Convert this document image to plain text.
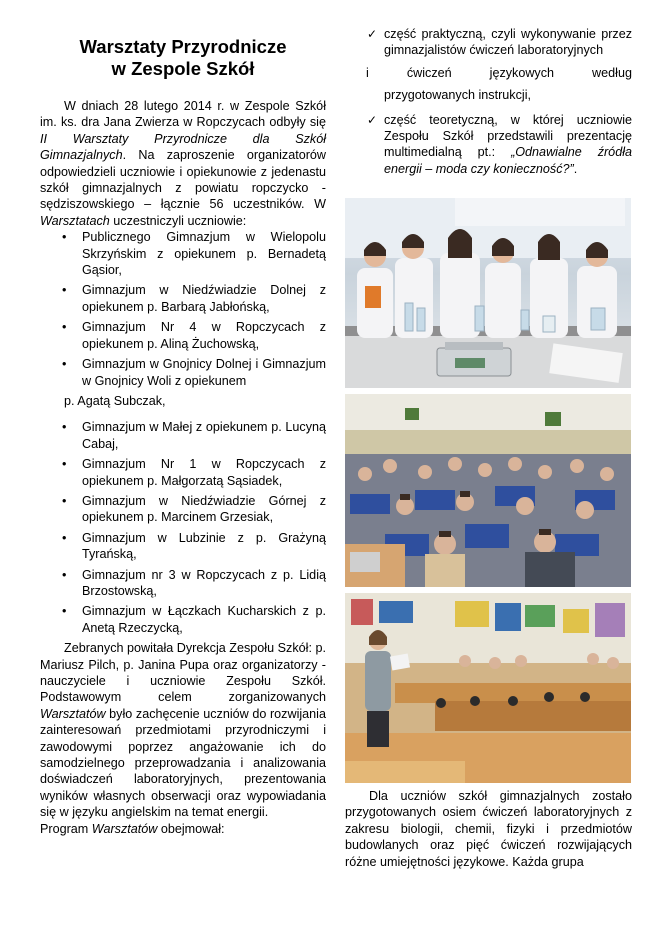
Warsztaty Przyrodnicze
w Zespole Szkół

W dniach 28 lutego 2014 r. w Zespole Szkół im. ks. dra Jana Zwierza w Ropczycach odbyły się II Warsztaty Przyrodnicze dla Szkół Gimnazjalnych. Na zaproszenie organizatorów odpowiedzieli uczniowie i opiekunowie z jedenastu szkół gimnazjalnych z powiatu ropczycko - sędziszowskiego – łącznie 56 uczestników. W Warsztatach uczestniczyli uczniowie:

• Publicznego Gimnazjum w Wielopolu Skrzyńskim z opiekunem p. Bernadetą Gąsior,
• Gimnazjum w Niedźwiadzie Dolnej z opiekunem p. Barbarą Jabłońską,
• Gimnazjum Nr 4 w Ropczycach z opiekunem p. Aliną Żuchowską,
• Gimnazjum w Gnojnicy Dolnej i Gimnazjum w Gnojnicy Woli z opiekunem

p. Agatą Subczak,

• Gimnazjum w Małej z opiekunem p. Lucyną Cabaj,
• Gimnazjum Nr 1 w Ropczycach z opiekunem p. Małgorzatą Sąsiadek,
• Gimnazjum w Niedźwiadzie Górnej z opiekunem p. Marcinem Grzesiak,
• Gimnazjum w Lubzinie z p. Grażyną Tyrańską,
• Gimnazjum nr 3 w Ropczycach z p. Lidią Brzostowską,
• Gimnazjum w Łączkach Kucharskich z p. Anetą Rzeczycką,

Zebranych powitała Dyrekcja Zespołu Szkół: p. Mariusz Pilch, p. Janina Pupa oraz organizatorzy - nauczyciele i uczniowie Zespołu Szkół. Podstawowym celem zorganizowanych Warsztatów było zachęcenie uczniów do rozwijania zainteresowań przedmiotami przyrodniczymi i zawodowymi poprzez angażowanie ich do samodzielnego przeprowadzania i analizowania doświadczeń laboratoryjnych, prezentowania wyników własnych obserwacji oraz wypowiadania się w języku angielskim na temat energii.

Program Warsztatów obejmował:

✓ część praktyczną, czyli wykonywanie przez gimnazjalistów ćwiczeń laboratoryjnych
i	ćwiczeń	językowych	według
przygotowanych instrukcji,
✓ część teoretyczną, w której uczniowie Zespołu Szkół przedstawili prezentację multimedialną pt.: „Odnawialne źródła energii – moda czy konieczność?”.

Dla uczniów szkół gimnazjalnych zostało przygotowanych osiem ćwiczeń laboratoryjnych z zakresu biologii, chemii, fizyki i przedmiotów budowlanych oraz pięć ćwiczeń rozwijających różne umiejętności językowe. Każda grupa
